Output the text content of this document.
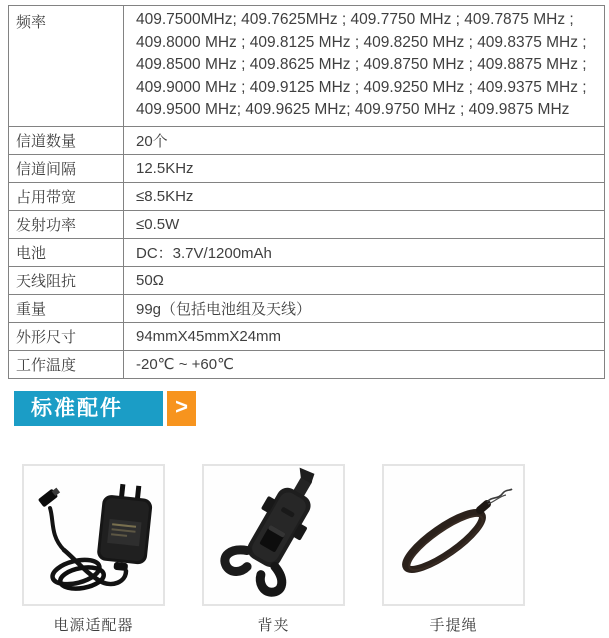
频率	409.7500MHz; 409.7625MHz ; 409.7750 MHz ; 409.7875 MHz ; 409.8000 MHz ; 409.8125 MHz ; 409.8250 MHz ; 409.8375 MHz ; 409.8500 MHz ; 409.8625 MHz ; 409.8750 MHz ; 409.8875 MHz ; 409.9000 MHz ; 409.9125 MHz ; 409.9250 MHz ; 409.9375 MHz ; 409.9500 MHz; 409.9625 MHz; 409.9750 MHz ; 409.9875 MHz
信道数量	20个
信道间隔	12.5KHz
占用带宽	≤8.5KHz
发射功率	≤0.5W
电池	DC：3.7V/1200mAh
天线阻抗	50Ω
重量	99g（包括电池组及天线）
外形尺寸	94mmX45mmX24mm
工作温度	-20℃ ~ +60℃
标准配件 >
电源适配器	背夹	手提绳
